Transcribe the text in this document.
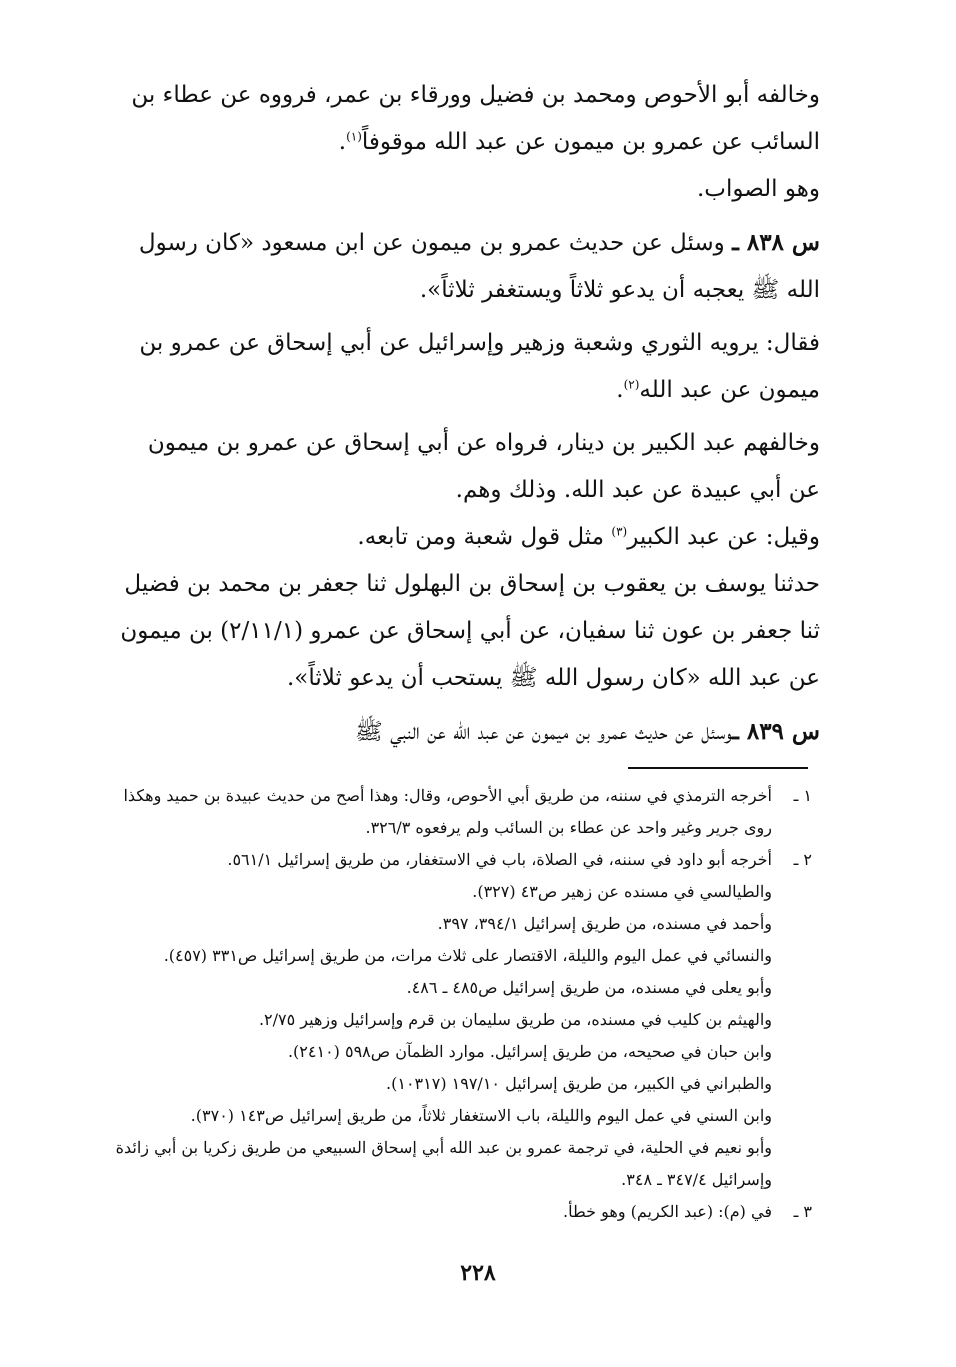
وخالفه أبو الأحوص ومحمد بن فضيل وورقاء بن عمر، فرووه عن عطاء بن
السائب عن عمرو بن ميمون عن عبد الله موقوفاً$^{(١)}$.

وهو الصواب.

س ٨٣٨ ـ وسئل عن حديث عمرو بن ميمون عن ابن مسعود «كان رسول
الله ﷺ يعجبه أن يدعو ثلاثاً ويستغفر ثلاثاً».

فقال: يرويه الثوري وشعبة وزهير وإسرائيل عن أبي إسحاق عن عمرو بن
ميمون عن عبد الله$^{(٢)}$.

وخالفهم عبد الكبير بن دينار، فرواه عن أبي إسحاق عن عمرو بن ميمون
عن أبي عبيدة عن عبد الله. وذلك وهم.

وقيل: عن عبد الكبير$^{(٣)}$ مثل قول شعبة ومن تابعه.

حدثنا يوسف بن يعقوب بن إسحاق بن البهلول ثنا جعفر بن محمد بن فضيل
ثنا جعفر بن عون ثنا سفيان، عن أبي إسحاق عن عمرو (٢/١١/١) بن ميمون
عن عبد الله «كان رسول الله ﷺ يستحب أن يدعو ثلاثاً».

س ٨٣٩ ـوسئل عن حديث عمرو بن ميمون عن عبد الله عن النبي ﷺ

١ ـ
أخرجه الترمذي في سننه، من طريق أبي الأحوص، وقال: وهذا أصح من حديث عبيدة بن حميد وهكذا
روى جرير وغير واحد عن عطاء بن السائب ولم يرفعوه ٣٢٦/٣.
٢ ـ
أخرجه أبو داود في سننه، في الصلاة، باب في الاستغفار، من طريق إسرائيل ٥٦١/١.
والطيالسي في مسنده عن زهير ص٤٣ (٣٢٧).
وأحمد في مسنده، من طريق إسرائيل ٣٩٤/١، ٣٩٧.
والنسائي في عمل اليوم والليلة، الاقتصار على ثلاث مرات، من طريق إسرائيل ص٣٣١ (٤٥٧).
وأبو يعلى في مسنده، من طريق إسرائيل ص٤٨٥ ـ ٤٨٦.
والهيثم بن كليب في مسنده، من طريق سليمان بن قرم وإسرائيل وزهير ٢/٧٥.
وابن حبان في صحيحه، من طريق إسرائيل. موارد الظمآن ص٥٩٨ (٢٤١٠).
والطبراني في الكبير، من طريق إسرائيل ١٩٧/١٠ (١٠٣١٧).
وابن السني في عمل اليوم والليلة، باب الاستغفار ثلاثاً، من طريق إسرائيل ص١٤٣ (٣٧٠).
وأبو نعيم في الحلية، في ترجمة عمرو بن عبد الله أبي إسحاق السبيعي من طريق زكريا بن أبي زائدة
وإسرائيل ٣٤٧/٤ ـ ٣٤٨.
٣ ـ
في (م): (عبد الكريم) وهو خطأ.
٢٢٨
